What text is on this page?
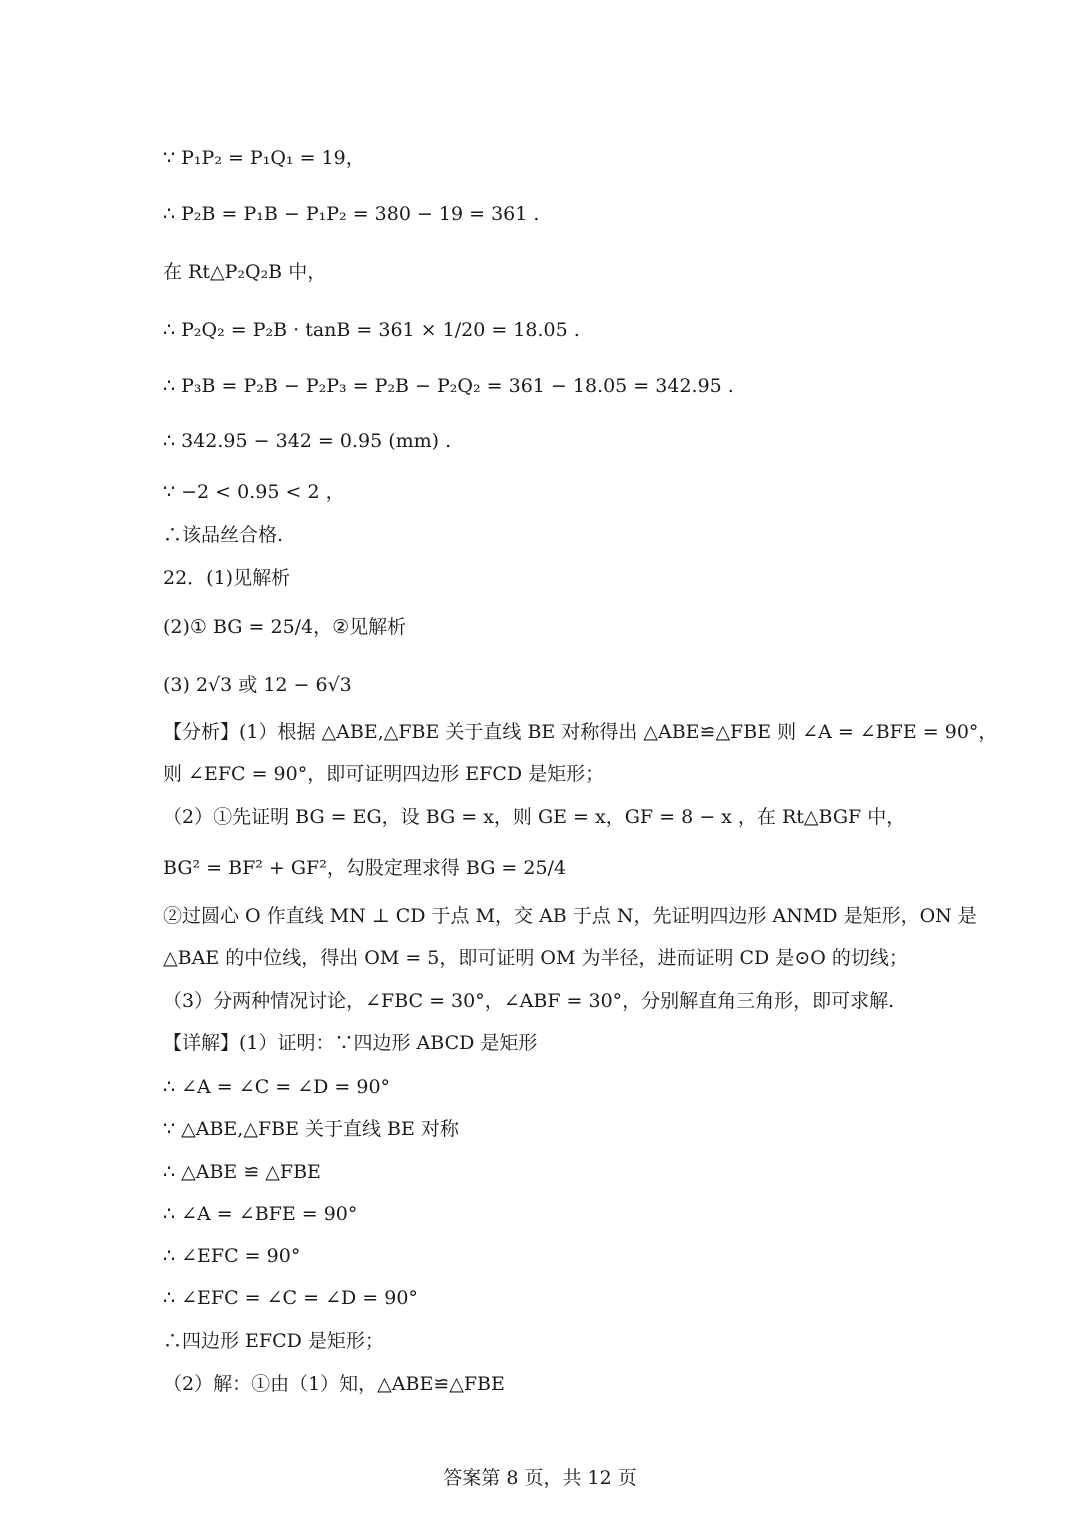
∵ P₁P₂ = P₁Q₁ = 19，
∴ P₂B = P₁B − P₁P₂ = 380 − 19 = 361 .
在 Rt△P₂Q₂B 中，
∴ P₂Q₂ = P₂B · tanB = 361 × 1/20 = 18.05 .
∴ P₃B = P₂B − P₂P₃ = P₂B − P₂Q₂ = 361 − 18.05 = 342.95 .
∴ 342.95 − 342 = 0.95 (mm) .
∵ −2 < 0.95 < 2 ，
∴该品丝合格.
22．(1)见解析
(2)① BG = 25/4，②见解析
(3) 2√3 或 12 − 6√3
【分析】(1）根据 △ABE,△FBE 关于直线 BE 对称得出 △ABE≌△FBE 则 ∠A = ∠BFE = 90°，
则 ∠EFC = 90°，即可证明四边形 EFCD 是矩形；
（2）①先证明 BG = EG，设 BG = x，则 GE = x，GF = 8 − x ，在 Rt△BGF 中，
BG² = BF² + GF²，勾股定理求得 BG = 25/4
②过圆心 O 作直线 MN ⊥ CD 于点 M，交 AB 于点 N，先证明四边形 ANMD 是矩形，ON 是
△BAE 的中位线，得出 OM = 5，即可证明 OM 为半径，进而证明 CD 是⊙O 的切线；
（3）分两种情况讨论，∠FBC = 30°，∠ABF = 30°，分别解直角三角形，即可求解.
【详解】(1）证明：∵四边形 ABCD 是矩形
∴ ∠A = ∠C = ∠D = 90°
∵ △ABE,△FBE 关于直线 BE 对称
∴ △ABE ≌ △FBE
∴ ∠A = ∠BFE = 90°
∴ ∠EFC = 90°
∴ ∠EFC = ∠C = ∠D = 90°
∴四边形 EFCD 是矩形；
（2）解：①由（1）知，△ABE≌△FBE
答案第 8 页，共 12 页
